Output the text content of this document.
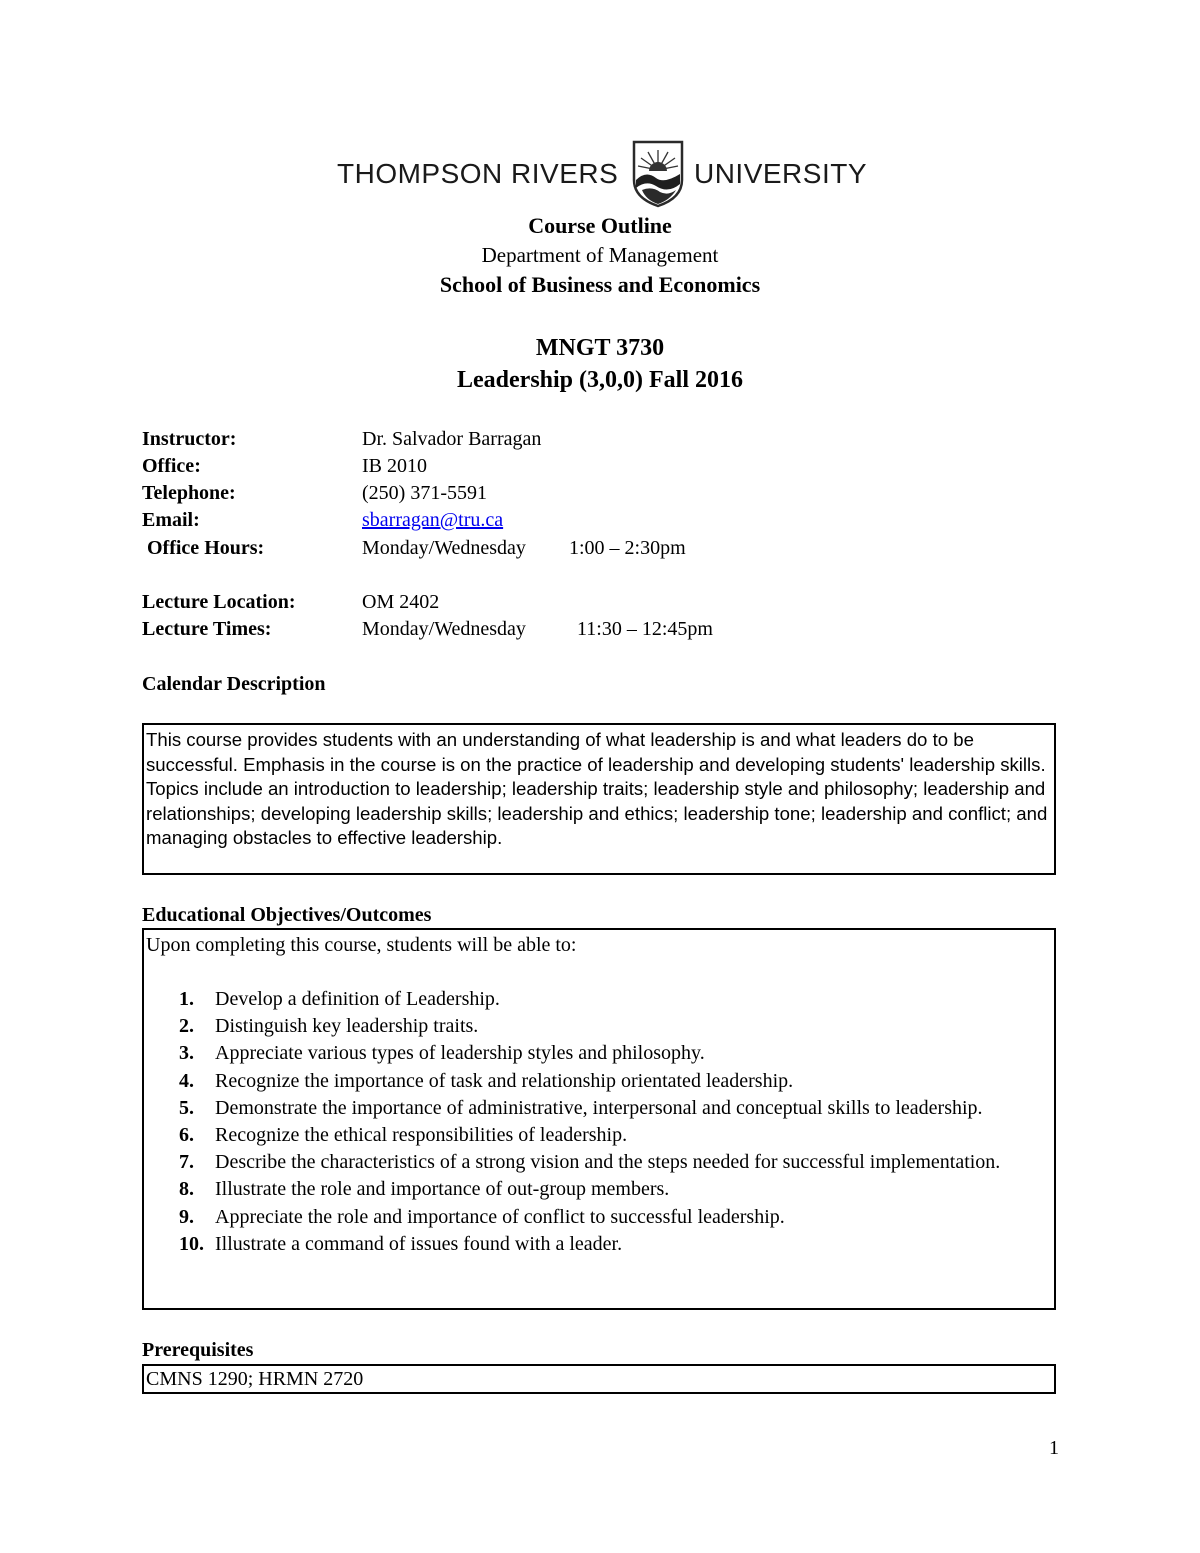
THOMPSON RIVERS	UNIVERSITY
Course Outline
Department of Management
School of Business and Economics
MNGT 3730
Leadership (3,0,0) Fall 2016
Instructor:	Dr. Salvador Barragan
Office:	IB 2010
Telephone:	(250) 371-5591
Email:	sbarragan@tru.ca
Office Hours:	Monday/Wednesday 1:00 – 2:30pm
Lecture Location:	OM 2402
Lecture Times:	Monday/Wednesday	11:30 – 12:45pm
Calendar Description
This course provides students with an understanding of what leadership is and what leaders do to be successful. Emphasis in the course is on the practice of leadership and developing students' leadership skills. Topics include an introduction to leadership; leadership traits; leadership style and philosophy; leadership and relationships; developing leadership skills; leadership and ethics; leadership tone; leadership and conflict; and managing obstacles to effective leadership.
Educational Objectives/Outcomes
Upon completing this course, students will be able to:
1. Develop a definition of Leadership.
2. Distinguish key leadership traits.
3. Appreciate various types of leadership styles and philosophy.
4. Recognize the importance of task and relationship orientated leadership.
5. Demonstrate the importance of administrative, interpersonal and conceptual skills to leadership.
6. Recognize the ethical responsibilities of leadership.
7. Describe the characteristics of a strong vision and the steps needed for successful implementation.
8. Illustrate the role and importance of out-group members.
9. Appreciate the role and importance of conflict to successful leadership.
10. Illustrate a command of issues found with a leader.
Prerequisites
CMNS 1290; HRMN 2720
1
